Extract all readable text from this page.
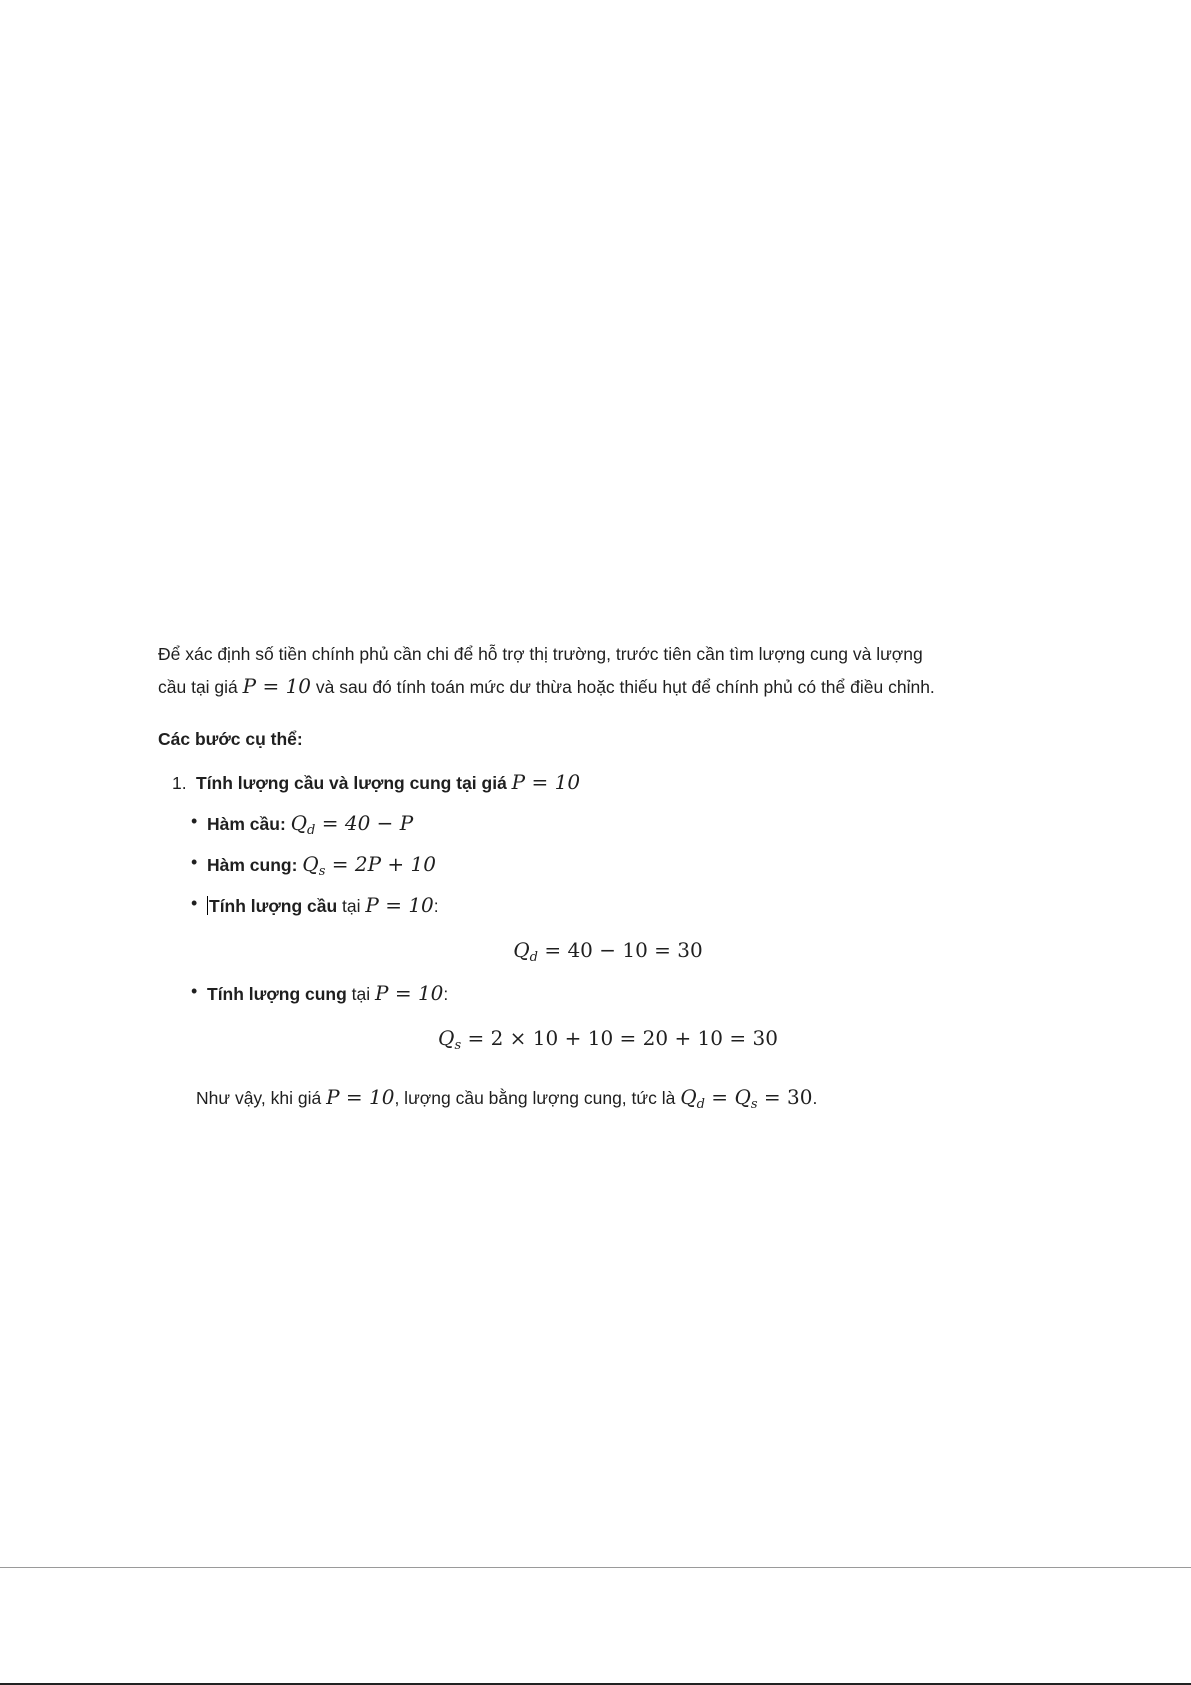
Để xác định số tiền chính phủ cần chi để hỗ trợ thị trường, trước tiên cần tìm lượng cung và lượng
cầu tại giá P = 10 và sau đó tính toán mức dư thừa hoặc thiếu hụt để chính phủ có thể điều chỉnh.

Các bước cụ thể:

1. Tính lượng cầu và lượng cung tại giá P = 10
• Hàm cầu: $Q_d = 40 - P$
• Hàm cung: $Q_s = 2P + 10$
• Tính lượng cầu tại P = 10:
$Q_d = 40 - 10 = 30$
• Tính lượng cung tại P = 10:
$Q_s = 2 \times 10 + 10 = 20 + 10 = 30$
Như vậy, khi giá P = 10, lượng cầu bằng lượng cung, tức là $Q_d = Q_s = 30$.
